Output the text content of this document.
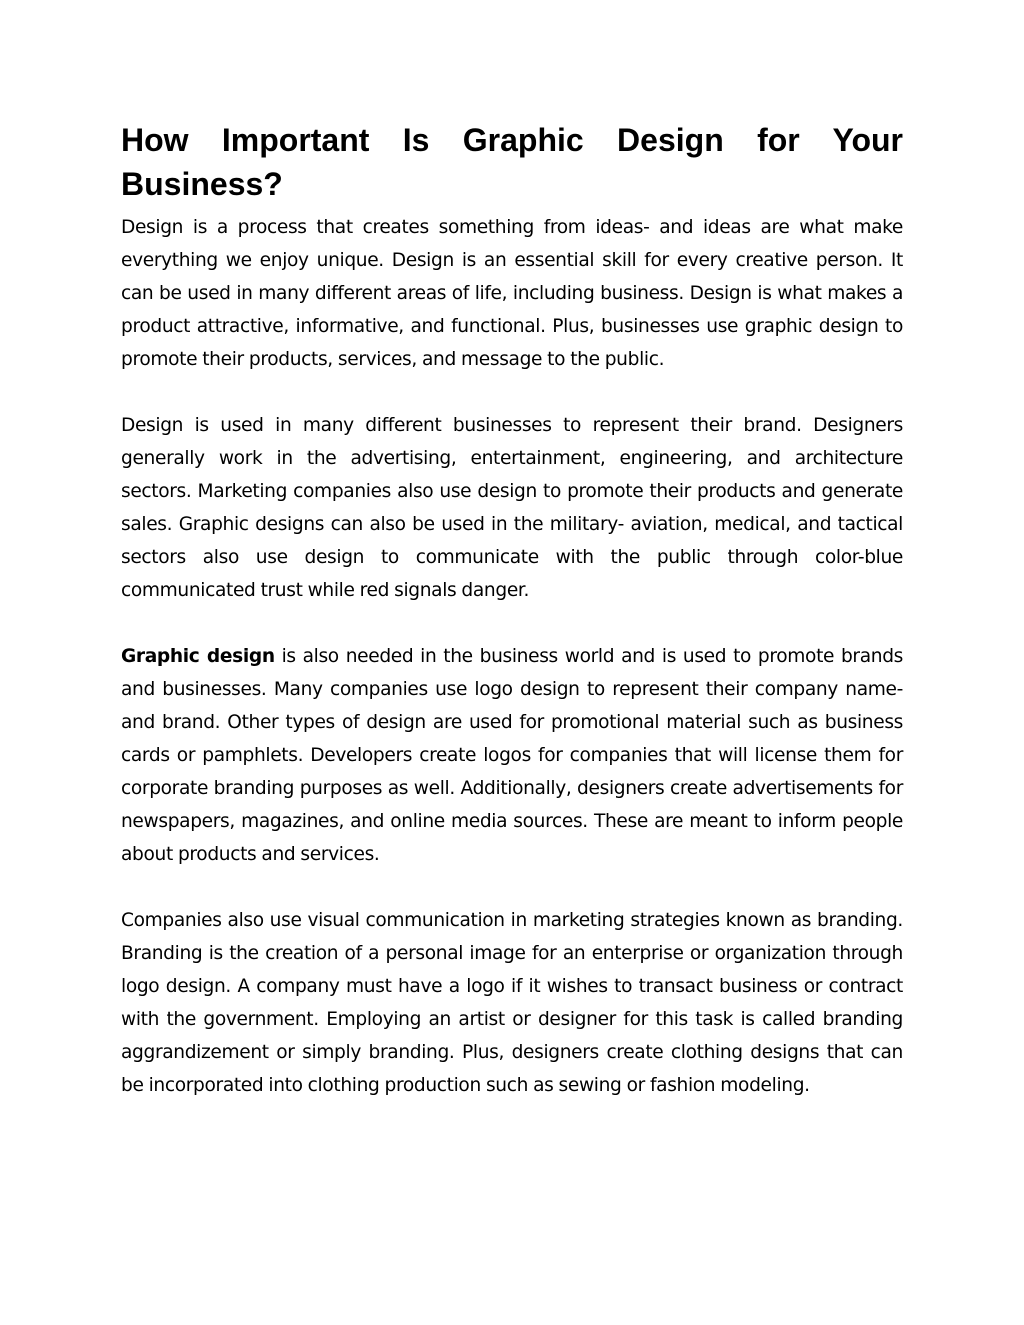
How Important Is Graphic Design for Your Business?

Design is a process that creates something from ideas- and ideas are what make everything we enjoy unique. Design is an essential skill for every creative person. It can be used in many different areas of life, including business. Design is what makes a product attractive, informative, and functional. Plus, businesses use graphic design to promote their products, services, and message to the public.

Design is used in many different businesses to represent their brand. Designers generally work in the advertising, entertainment, engineering, and architecture sectors. Marketing companies also use design to promote their products and generate sales. Graphic designs can also be used in the military- aviation, medical, and tactical sectors also use design to communicate with the public through color-blue communicated trust while red signals danger.

Graphic design is also needed in the business world and is used to promote brands and businesses. Many companies use logo design to represent their company name- and brand. Other types of design are used for promotional material such as business cards or pamphlets. Developers create logos for companies that will license them for corporate branding purposes as well. Additionally, designers create advertisements for newspapers, magazines, and online media sources. These are meant to inform people about products and services.

Companies also use visual communication in marketing strategies known as branding. Branding is the creation of a personal image for an enterprise or organization through logo design. A company must have a logo if it wishes to transact business or contract with the government. Employing an artist or designer for this task is called branding aggrandizement or simply branding. Plus, designers create clothing designs that can be incorporated into clothing production such as sewing or fashion modeling.
